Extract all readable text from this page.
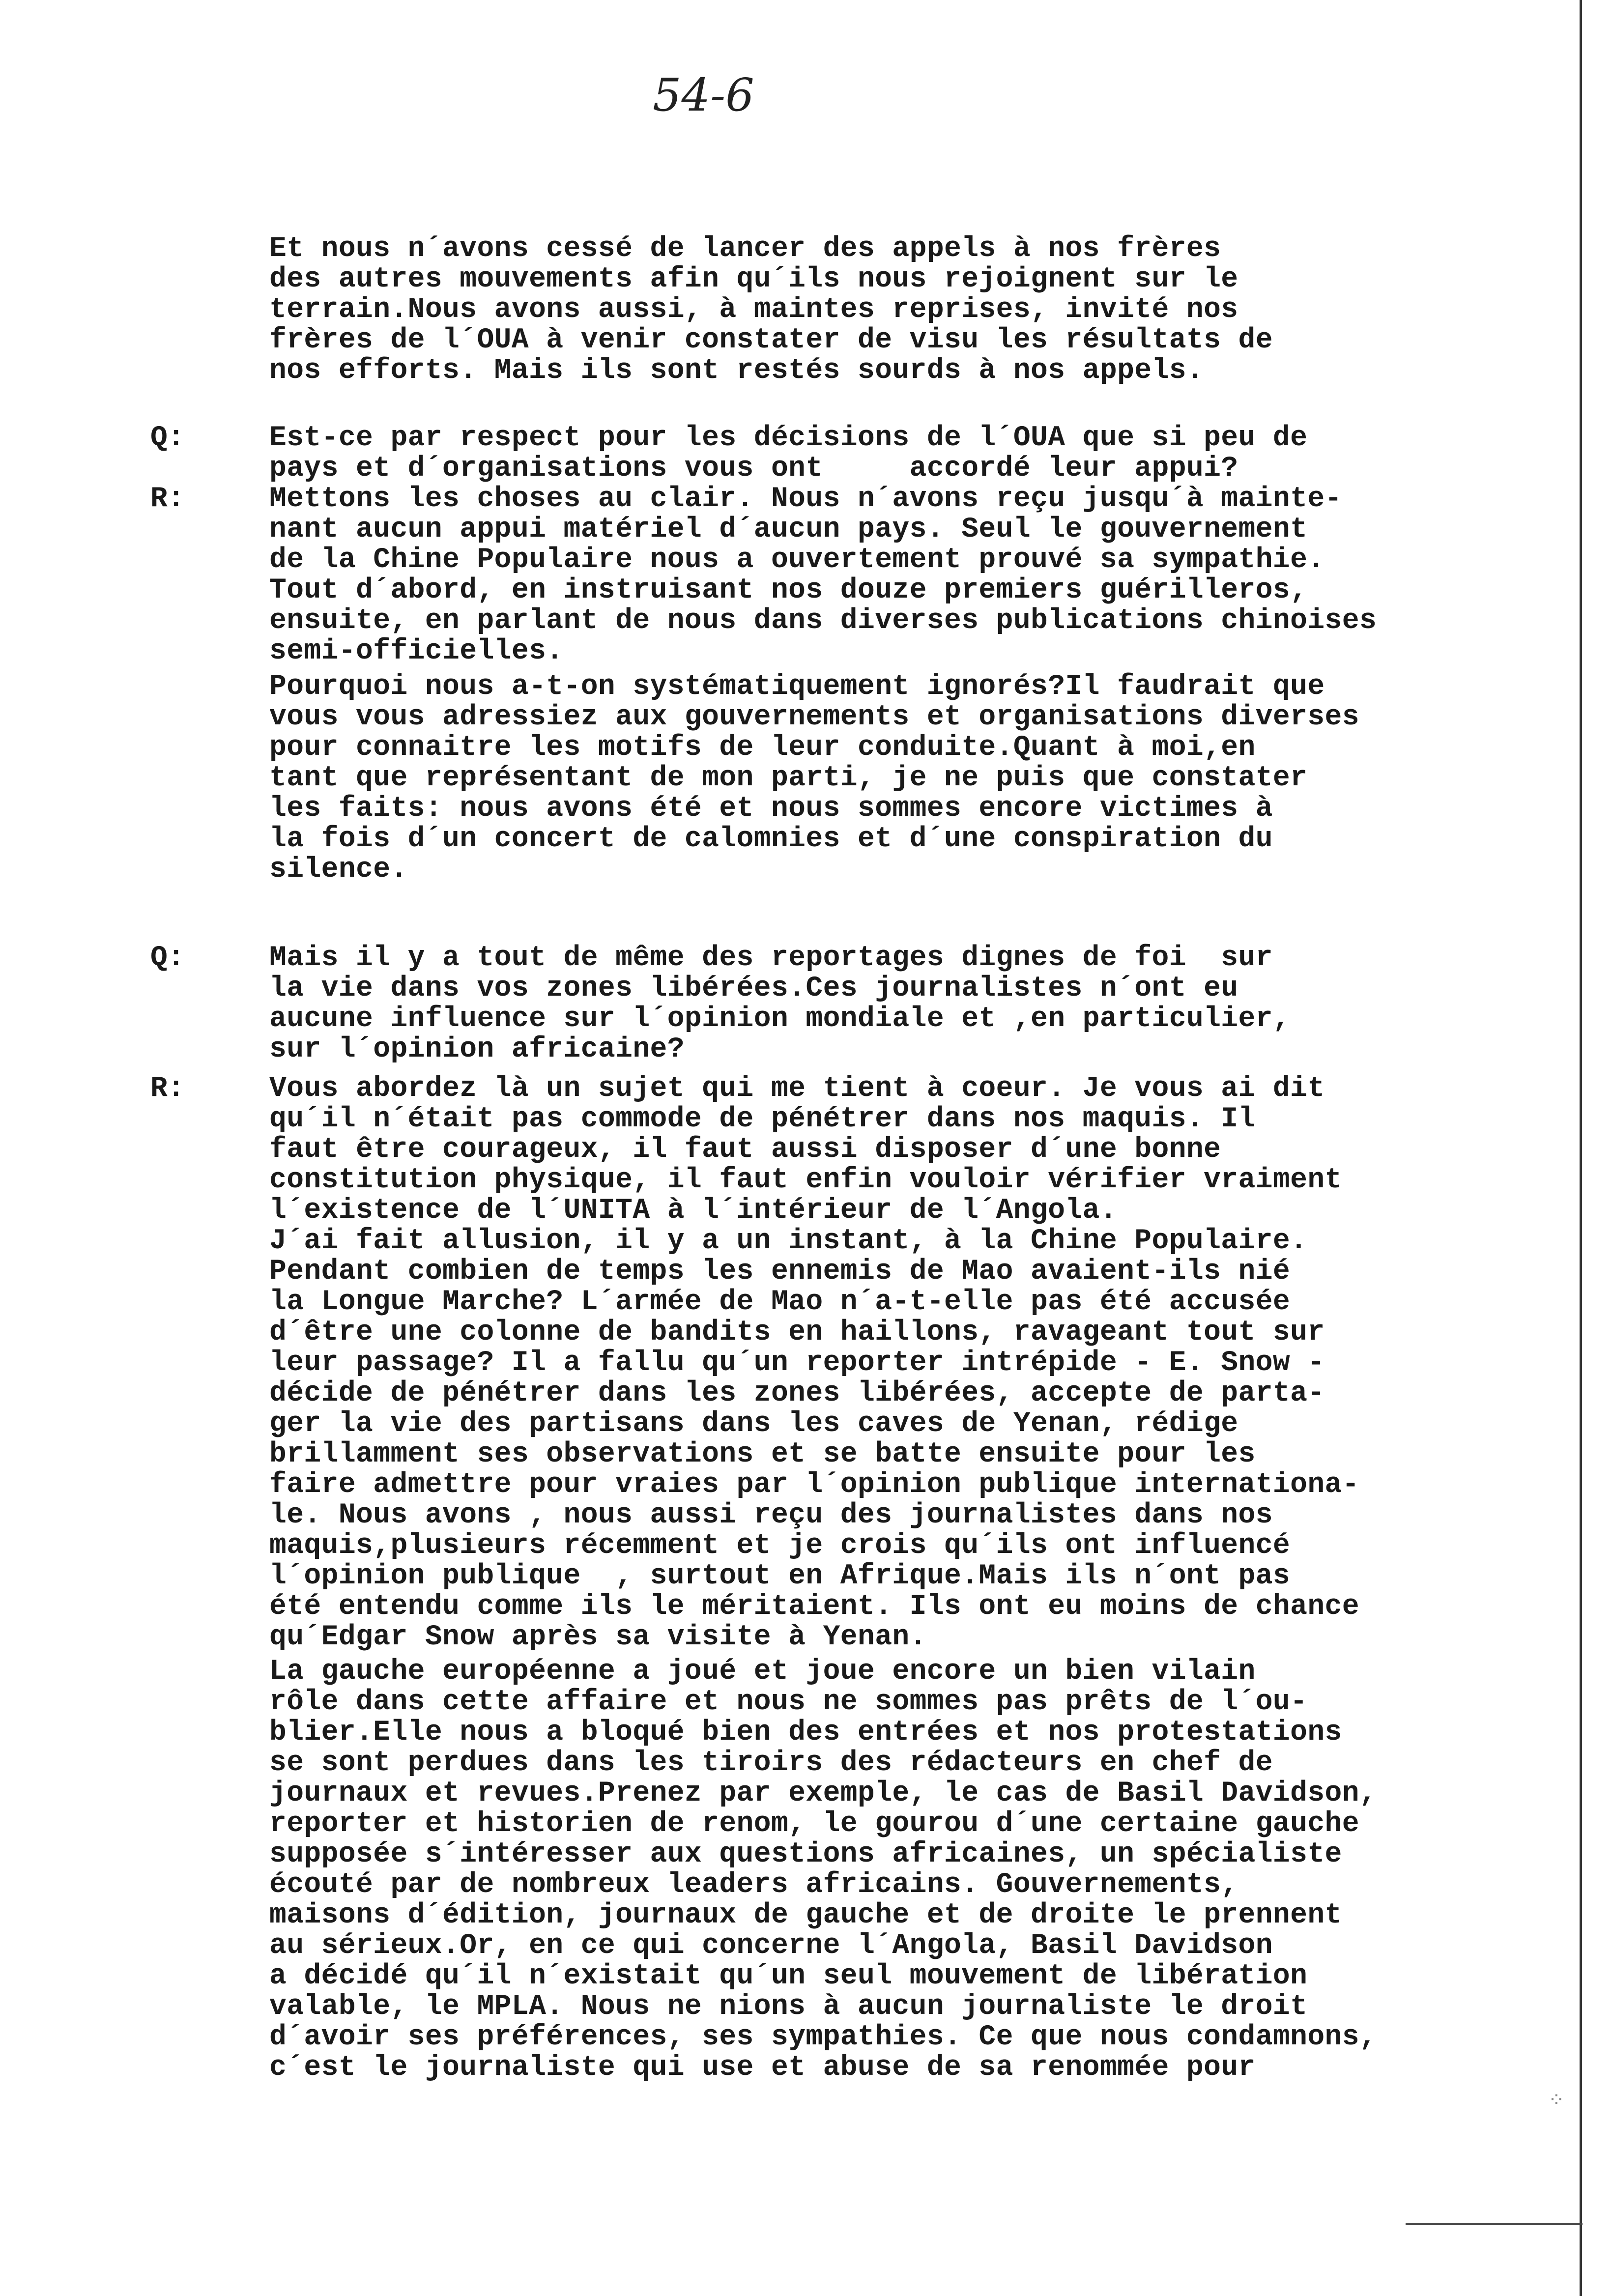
54-6
Et nous n´avons cessé de lancer des appels à nos frères
des autres mouvements afin qu´ils nous rejoignent sur le
terrain.Nous avons aussi, à maintes reprises, invité nos
frères de l´OUA à venir constater de visu les résultats de
nos efforts. Mais ils sont restés sourds à nos appels.
Est-ce par respect pour les décisions de l´OUA que si peu de
pays et d´organisations vous ont     accordé leur appui?
Mettons les choses au clair. Nous n´avons reçu jusqu´à mainte-
nant aucun appui matériel d´aucun pays. Seul le gouvernement
de la Chine Populaire nous a ouvertement prouvé sa sympathie.
Tout d´abord, en instruisant nos douze premiers guérilleros,
ensuite, en parlant de nous dans diverses publications chinoises
semi-officielles.
Pourquoi nous a-t-on systématiquement ignorés?Il faudrait que
vous vous adressiez aux gouvernements et organisations diverses
pour connaitre les motifs de leur conduite.Quant à moi,en
tant que représentant de mon parti, je ne puis que constater
les faits: nous avons été et nous sommes encore victimes à
la fois d´un concert de calomnies et d´une conspiration du
silence.
Mais il y a tout de même des reportages dignes de foi  sur
la vie dans vos zones libérées.Ces journalistes n´ont eu
aucune influence sur l´opinion mondiale et ,en particulier,
sur l´opinion africaine?
Vous abordez là un sujet qui me tient à coeur. Je vous ai dit
qu´il n´était pas commode de pénétrer dans nos maquis. Il
faut être courageux, il faut aussi disposer d´une bonne
constitution physique, il faut enfin vouloir vérifier vraiment
l´existence de l´UNITA à l´intérieur de l´Angola.
J´ai fait allusion, il y a un instant, à la Chine Populaire.
Pendant combien de temps les ennemis de Mao avaient-ils nié
la Longue Marche? L´armée de Mao n´a-t-elle pas été accusée
d´être une colonne de bandits en haillons, ravageant tout sur
leur passage? Il a fallu qu´un reporter intrépide - E. Snow -
décide de pénétrer dans les zones libérées, accepte de parta-
ger la vie des partisans dans les caves de Yenan, rédige
brillamment ses observations et se batte ensuite pour les
faire admettre pour vraies par l´opinion publique internationa-
le. Nous avons , nous aussi reçu des journalistes dans nos
maquis,plusieurs récemment et je crois qu´ils ont influencé
l´opinion publique  , surtout en Afrique.Mais ils n´ont pas
été entendu comme ils le méritaient. Ils ont eu moins de chance
qu´Edgar Snow après sa visite à Yenan.
La gauche européenne a joué et joue encore un bien vilain
rôle dans cette affaire et nous ne sommes pas prêts de l´ou-
blier.Elle nous a bloqué bien des entrées et nos protestations
se sont perdues dans les tiroirs des rédacteurs en chef de
journaux et revues.Prenez par exemple, le cas de Basil Davidson,
reporter et historien de renom, le gourou d´une certaine gauche
supposée s´intéresser aux questions africaines, un spécialiste
écouté par de nombreux leaders africains. Gouvernements,
maisons d´édition, journaux de gauche et de droite le prennent
au sérieux.Or, en ce qui concerne l´Angola, Basil Davidson
a décidé qu´il n´existait qu´un seul mouvement de libération
valable, le MPLA. Nous ne nions à aucun journaliste le droit
d´avoir ses préférences, ses sympathies. Ce que nous condamnons,
c´est le journaliste qui use et abuse de sa renommée pour
Q:
R:
Q:
R:
⁘
